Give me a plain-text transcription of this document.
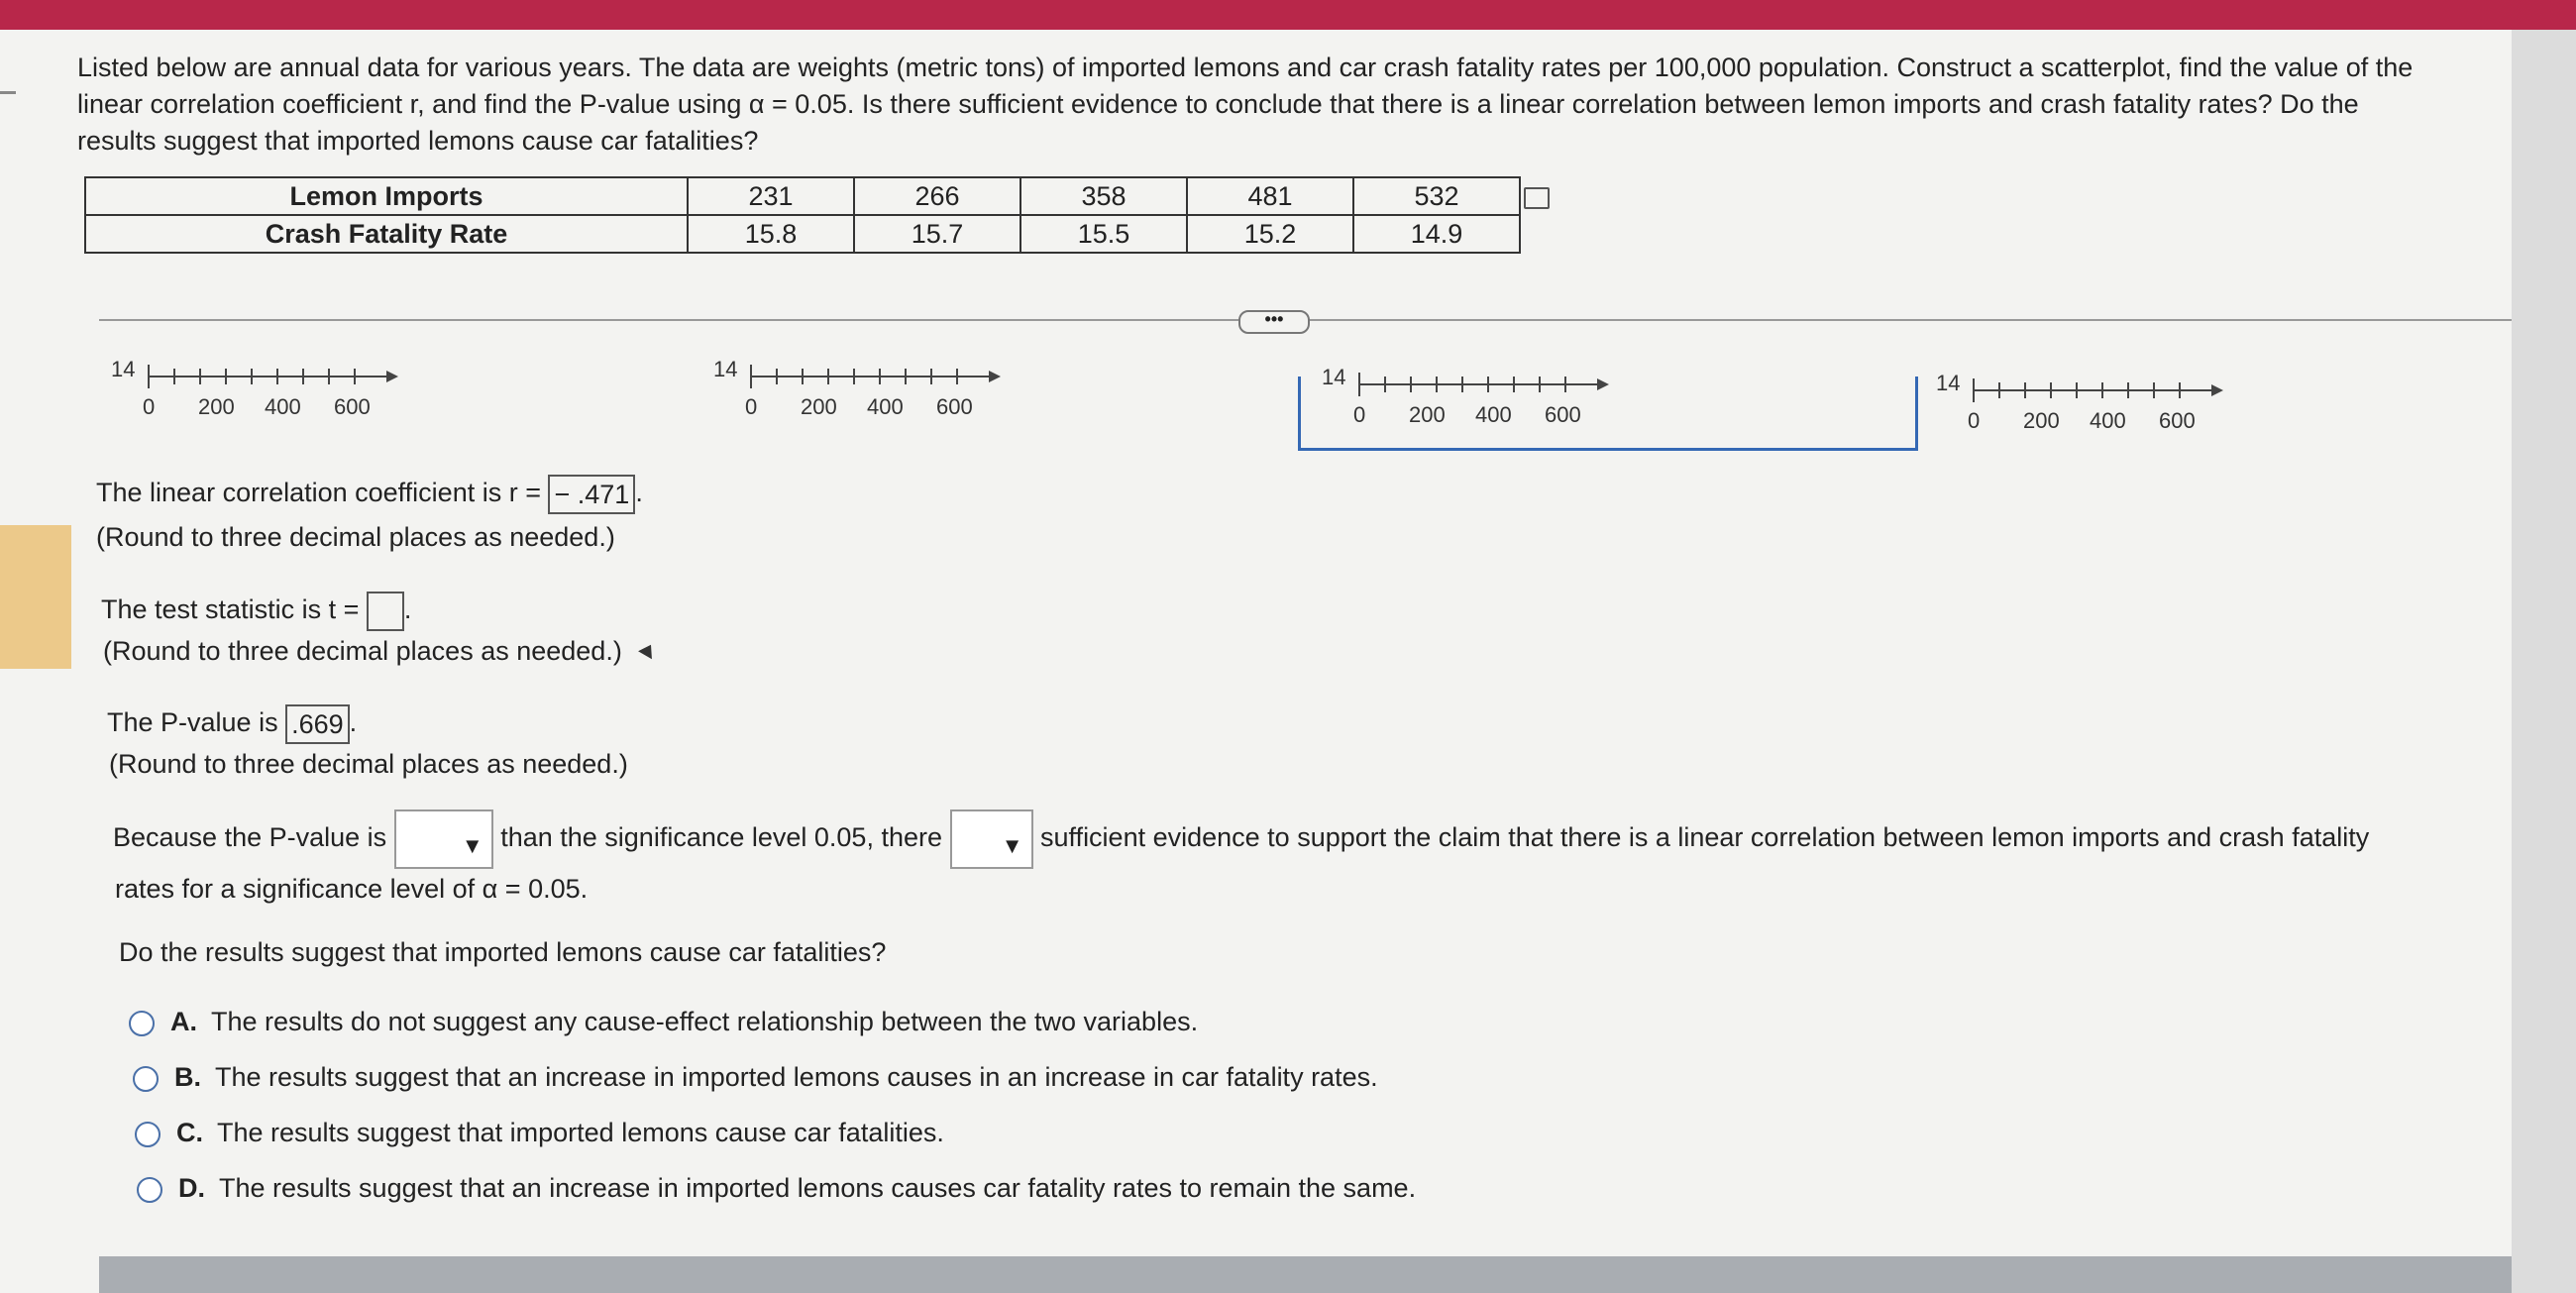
Listed below are annual data for various years. The data are weights (metric tons) of imported lemons and car crash fatality rates per 100,000 population. Construct a scatterplot, find the value of the
linear correlation coefficient r, and find the P-value using α = 0.05. Is there sufficient evidence to conclude that there is a linear correlation between lemon imports and crash fatality rates? Do the
results suggest that imported lemons cause car fatalities?
Lemon Imports	231	266	358	481	532
Crash Fatality Rate	15.8	15.7	15.5	15.2	14.9
•••
14
0 200 400 600
14
0 200 400 600
14
0 200 400 600
14
0 200 400 600
The linear correlation coefficient is r = − .471 .
(Round to three decimal places as needed.)
The test statistic is t = .
(Round to three decimal places as needed.)
The P-value is .669 .
(Round to three decimal places as needed.)
Because the P-value is	▼ than the significance level 0.05, there	▼ sufficient evidence to support the claim that there is a linear correlation between lemon imports and crash fatality
rates for a significance level of α = 0.05.
Do the results suggest that imported lemons cause car fatalities?
A. The results do not suggest any cause-effect relationship between the two variables.
B. The results suggest that an increase in imported lemons causes in an increase in car fatality rates.
C. The results suggest that imported lemons cause car fatalities.
D. The results suggest that an increase in imported lemons causes car fatality rates to remain the same.
